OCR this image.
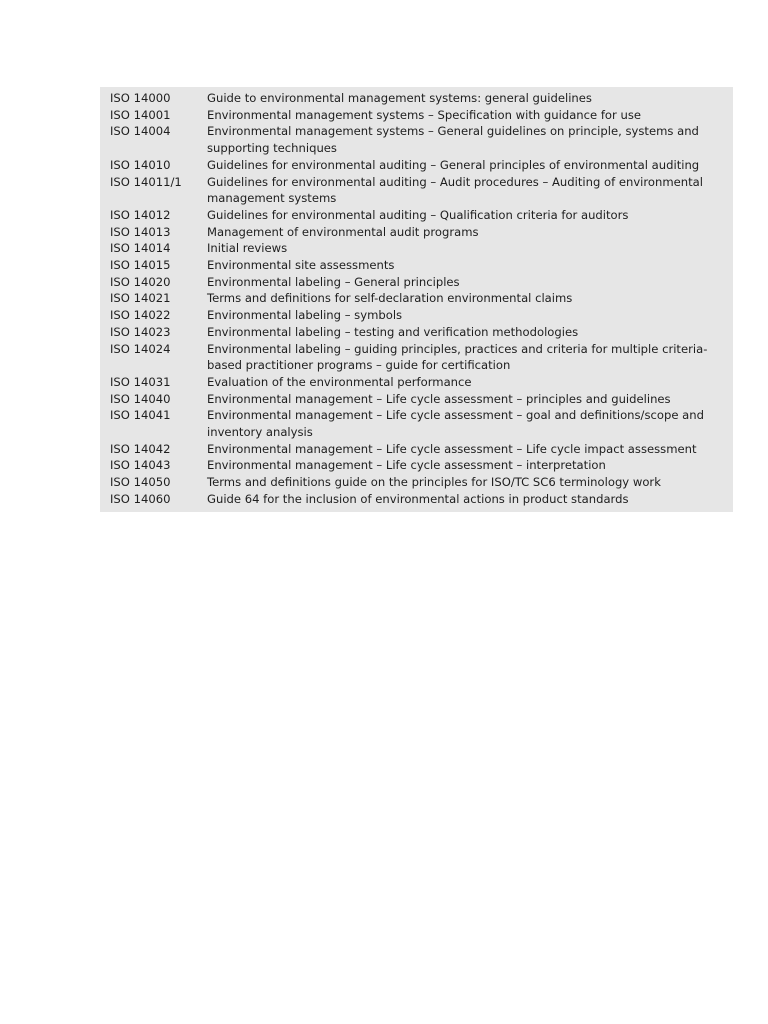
ISO 14000	Guide to environmental management systems: general guidelines
ISO 14001	Environmental management systems – Specification with guidance for use
ISO 14004	Environmental management systems – General guidelines on principle, systems and supporting techniques
ISO 14010	Guidelines for environmental auditing – General principles of environmental auditing
ISO 14011/1	Guidelines for environmental auditing – Audit procedures – Auditing of environmental management systems
ISO 14012	Guidelines for environmental auditing – Qualification criteria for auditors
ISO 14013	Management of environmental audit programs
ISO 14014	Initial reviews
ISO 14015	Environmental site assessments
ISO 14020	Environmental labeling – General principles
ISO 14021	Terms and definitions for self-declaration environmental claims
ISO 14022	Environmental labeling – symbols
ISO 14023	Environmental labeling – testing and verification methodologies
ISO 14024	Environmental labeling – guiding principles, practices and criteria for multiple criteria-based practitioner programs – guide for certification
ISO 14031	Evaluation of the environmental performance
ISO 14040	Environmental management – Life cycle assessment – principles and guidelines
ISO 14041	Environmental management – Life cycle assessment – goal and definitions/scope and inventory analysis
ISO 14042	Environmental management – Life cycle assessment – Life cycle impact assessment
ISO 14043	Environmental management – Life cycle assessment – interpretation
ISO 14050	Terms and definitions guide on the principles for ISO/TC SC6 terminology work
ISO 14060	Guide 64 for the inclusion of environmental actions in product standards
